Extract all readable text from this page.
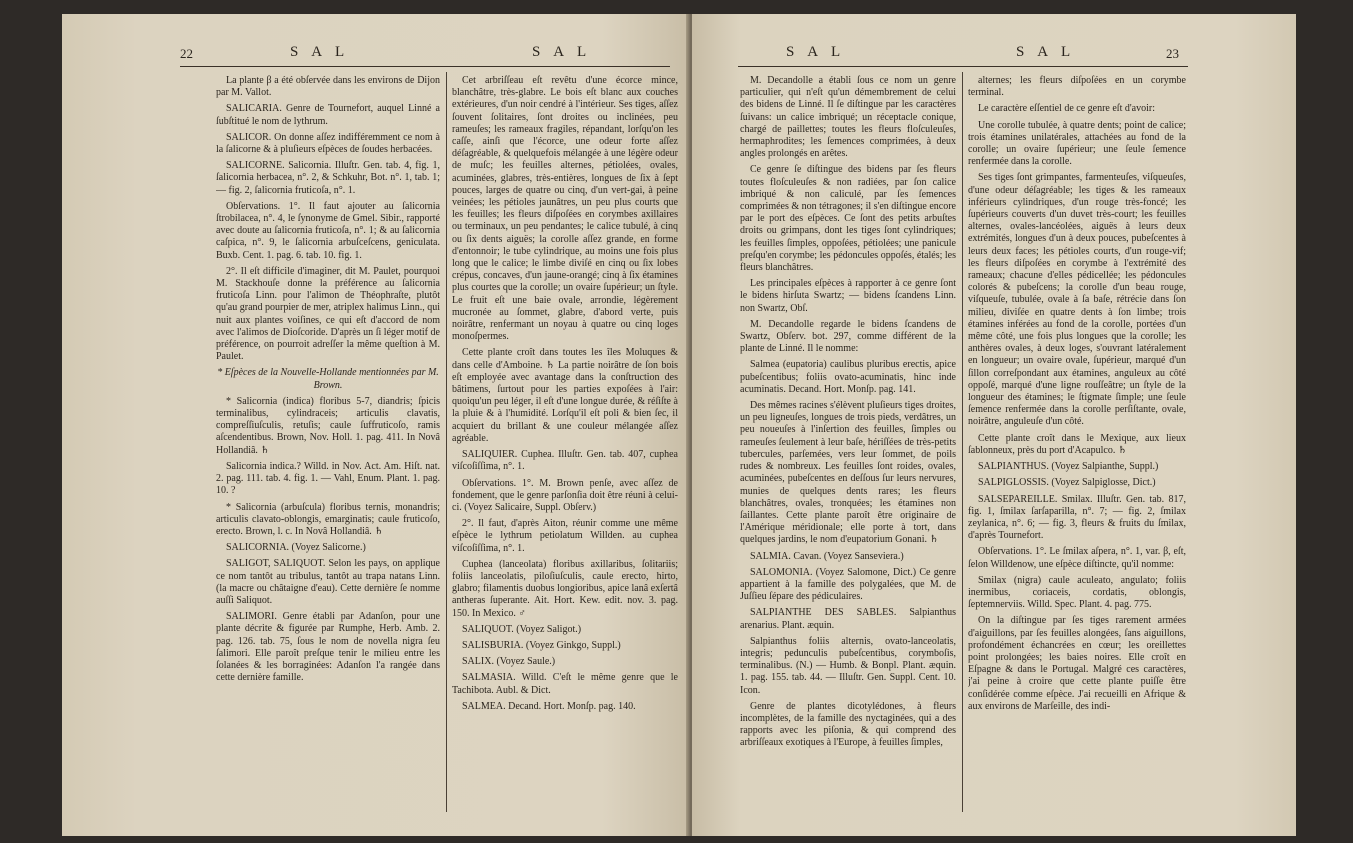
22	S A L	S A L

La plante β a été obſervée dans les environs de Dijon par M. Vallot.

SALICARIA. Genre de Tournefort, auquel Linné a ſubſtitué le nom de lythrum.

SALICOR. On donne aſſez indifféremment ce nom à la ſalicorne & à pluſieurs eſpèces de ſoudes herbacées.

SALICORNE. Salicornia. Illuſtr. Gen. tab. 4, fig. 1, ſalicornia herbacea, n°. 2, & Schkuhr, Bot. n°. 1, tab. 1; — fig. 2, ſalicornia fruticoſa, n°. 1.

Obſervations. 1°. Il faut ajouter au ſalicornia ſtrobilacea, n°. 4, le ſynonyme de Gmel. Sibir., rapporté avec doute au ſalicornia fruticoſa, n°. 1; & au ſalicornia caſpica, n°. 9, le ſalicornia arbuſceſcens, geniculata. Buxb. Cent. 1. pag. 6. tab. 10. fig. 1.

2°. Il eſt difficile d'imaginer, dit M. Paulet, pourquoi M. Stackhouſe donne la préférence au ſalicornia fruticoſa Linn. pour l'alimon de Théophraſte, plutôt qu'au grand pourpier de mer, atriplex halimus Linn., qui nuit aux plantes voiſines, ce qui eſt d'accord de nom avec l'alimos de Dioſcoride. D'après un ſi léger motif de préférence, on pourroit adreſſer la même queſtion à M. Paulet.

* Eſpèces de la Nouvelle-Hollande mentionnées par M. Brown.

* Salicornia (indica) floribus 5-7, diandris; ſpicis terminalibus, cylindraceis; articulis clavatis, compreſſiuſculis, retuſis; caule ſuffruticoſo, ramis aſcendentibus. Brown, Nov. Holl. 1. pag. 411. In Novâ Hollandiâ. ♄

Salicornia indica.? Willd. in Nov. Act. Am. Hiſt. nat. 2. pag. 111. tab. 4. fig. 1. — Vahl, Enum. Plant. 1. pag. 10. ?

* Salicornia (arbuſcula) floribus ternis, monandris; articulis clavato-oblongis, emarginatis; caule fruticoſo, erecto. Brown, l. c. In Novâ Hollandiâ. ♄

SALICORNIA. (Voyez Salicorne.)

SALIGOT, SALIQUOT. Selon les pays, on applique ce nom tantôt au tribulus, tantôt au trapa natans Linn. (la macre ou châtaigne d'eau). Cette dernière ſe nomme auſſi Saliquot.

SALIMORI. Genre établi par Adanſon, pour une plante décrite & figurée par Rumphe, Herb. Amb. 2. pag. 126. tab. 75, ſous le nom de novella nigra ſeu ſalimori. Elle paroît preſque tenir le milieu entre les ſolanées & les borraginées: Adanſon l'a rangée dans cette dernière famille.

Cet arbriſſeau eſt revêtu d'une écorce mince, blanchâtre, très-glabre. Le bois eſt blanc aux couches extérieures, d'un noir cendré à l'intérieur. Ses tiges, aſſez ſouvent ſolitaires, ſont droites ou inclinées, peu rameuſes; les rameaux fragiles, répandant, lorſqu'on les caſſe, ainſi que l'écorce, une odeur forte aſſez déſagréable, & quelquefois mélangée à une légère odeur de muſc; les feuilles alternes, pétiolées, ovales, acuminées, glabres, très-entières, longues de ſix à ſept pouces, larges de quatre ou cinq, d'un vert-gai, à peine veinées; les pétioles jaunâtres, un peu plus courts que les feuilles; les fleurs diſpoſées en corymbes axillaires ou terminaux, un peu pendantes; le calice tubulé, à cinq ou ſix dents aiguës; la corolle aſſez grande, en forme d'entonnoir; le tube cylindrique, au moins une fois plus long que le calice; le limbe diviſé en cinq ou ſix lobes crépus, concaves, d'un jaune-orangé; cinq à ſix étamines plus courtes que la corolle; un ovaire ſupérieur; un ſtyle. Le fruit eſt une baie ovale, arrondie, légèrement mucronée au ſommet, glabre, d'abord verte, puis noirâtre, renfermant un noyau à quatre ou cinq loges monoſpermes.

Cette plante croît dans toutes les îles Moluques & dans celle d'Amboine. ♄ La partie noirâtre de ſon bois eſt employée avec avantage dans la conſtruction des bâtimens, ſurtout pour les parties expoſées à l'air: quoiqu'un peu léger, il eſt d'une longue durée, & réſiſte à la pluie & à l'humidité. Lorſqu'il eſt poli & bien ſec, il acquiert du brillant & une couleur mélangée aſſez agréable.

SALIQUIER. Cuphea. Illuſtr. Gen. tab. 407, cuphea viſcoſiſſima, n°. 1.

Obſervations. 1°. M. Brown penſe, avec aſſez de fondement, que le genre parſonſia doit être réuni à celui-ci. (Voyez Salicaire, Suppl. Obſerv.)

2°. Il faut, d'après Aiton, réunir comme une même eſpèce le lythrum petiolatum Willden. au cuphea viſcoſiſſima, n°. 1.

Cuphea (lanceolata) floribus axillaribus, ſolitariis; foliis lanceolatis, piloſiuſculis, caule erecto, hirto, glabro; filamentis duobus longioribus, apice lanâ exſertâ antheras ſuperante. Ait. Hort. Kew. edit. nov. 3. pag. 150. In Mexico. ♂

SALIQUOT. (Voyez Saligot.)

SALISBURIA. (Voyez Ginkgo, Suppl.)

SALIX. (Voyez Saule.)

SALMASIA. Willd. C'eſt le même genre que le Tachibota. Aubl. & Dict.

SALMEA. Decand. Hort. Monſp. pag. 140.

S A L	S A L	23

M. Decandolle a établi ſous ce nom un genre particulier, qui n'eſt qu'un démembrement de celui des bidens de Linné. Il ſe diſtingue par les caractères ſuivans: un calice imbriqué; un réceptacle conique, chargé de paillettes; toutes les fleurs floſculeuſes, hermaphrodites; les ſemences comprimées, à deux angles prolongés en arêtes.

Ce genre ſe diſtingue des bidens par ſes fleurs toutes floſculeuſes & non radiées, par ſon calice imbriqué & non caliculé, par ſes ſemences comprimées & non tétragones; il s'en diſtingue encore par le port des eſpèces. Ce ſont des petits arbuſtes droits ou grimpans, dont les tiges ſont cylindriques; les feuilles ſimples, oppoſées, pétiolées; une panicule preſqu'en corymbe; les pédoncules oppoſés, étalés; les fleurs blanchâtres.

Les principales eſpèces à rapporter à ce genre ſont le bidens hirſuta Swartz; — bidens ſcandens Linn. non Swartz, Obſ.

M. Decandolle regarde le bidens ſcandens de Swartz, Obſerv. bot. 297, comme différent de la plante de Linné. Il le nomme:

Salmea (eupatoria) caulibus pluribus erectis, apice pubeſcentibus; foliis ovato-acuminatis, hinc inde acuminatis. Decand. Hort. Monſp. pag. 141.

Des mêmes racines s'élèvent pluſieurs tiges droites, un peu ligneuſes, longues de trois pieds, verdâtres, un peu noueuſes à l'inſertion des feuilles, ſimples ou rameuſes ſeulement à leur baſe, hériſſées de très-petits tubercules, parſemées, vers leur ſommet, de poils rudes & nombreux. Les feuilles ſont roides, ovales, acuminées, pubeſcentes en deſſous ſur leurs nervures, munies de quelques dents rares; les fleurs blanchâtres, ovales, tronquées; les étamines non ſaillantes. Cette plante paroît être originaire de l'Amérique méridionale; elle porte à tort, dans quelques jardins, le nom d'eupatorium Gonani. ♄

SALMIA. Cavan. (Voyez Sanseviera.)

SALOMONIA. (Voyez Salomone, Dict.) Ce genre appartient à la famille des polygalées, que M. de Juſſieu ſépare des pédiculaires.

SALPIANTHE DES SABLES. Salpianthus arenarius. Plant. æquin.

Salpianthus foliis alternis, ovato-lanceolatis, integris; pedunculis pubeſcentibus, corymboſis, terminalibus. (N.) — Humb. & Bonpl. Plant. æquin. 1. pag. 155. tab. 44. — Illuſtr. Gen. Suppl. Cent. 10. Icon.

Genre de plantes dicotylédones, à fleurs incomplètes, de la famille des nyctaginées, qui a des rapports avec les piſonia, & qui comprend des arbriſſeaux exotiques à l'Europe, à feuilles ſimples,

alternes; les fleurs diſpoſées en un corymbe terminal.

Le caractère eſſentiel de ce genre eſt d'avoir:

Une corolle tubulée, à quatre dents; point de calice; trois étamines unilatérales, attachées au fond de la corolle; un ovaire ſupérieur; une ſeule ſemence renfermée dans la corolle.

Ses tiges ſont grimpantes, farmenteuſes, viſqueuſes, d'une odeur déſagréable; les tiges & les rameaux inférieurs cylindriques, d'un rouge très-foncé; les ſupérieurs couverts d'un duvet très-court; les feuilles alternes, ovales-lancéolées, aiguës à leurs deux extrémités, longues d'un à deux pouces, pubeſcentes à leurs deux faces; les pétioles courts, d'un rouge-vif; les fleurs diſpoſées en corymbe à l'extrémité des rameaux; chacune d'elles pédicellée; les pédoncules colorés & pubeſcens; la corolle d'un beau rouge, viſqueuſe, tubulée, ovale à ſa baſe, rétrécie dans ſon milieu, diviſée en quatre dents à ſon limbe; trois étamines inférées au fond de la corolle, portées d'un même côté, une fois plus longues que la corolle; les anthères ovales, à deux loges, s'ouvrant latéralement en longueur; un ovaire ovale, ſupérieur, marqué d'un ſillon correſpondant aux étamines, anguleux au côté oppoſé, marqué d'une ligne rouſſeâtre; un ſtyle de la longueur des étamines; le ſtigmate ſimple; une ſeule ſemence renfermée dans la corolle perſiſtante, ovale, noirâtre, anguleuſe d'un côté.

Cette plante croît dans le Mexique, aux lieux ſablonneux, près du port d'Acapulco. ♄

SALPIANTHUS. (Voyez Salpianthe, Suppl.)

SALPIGLOSSIS. (Voyez Salpiglosse, Dict.)

SALSEPAREILLE. Smilax. Illuſtr. Gen. tab. 817, fig. 1, ſmilax ſarſaparilla, n°. 7; — fig. 2, ſmilax zeylanica, n°. 6; — fig. 3, fleurs & fruits du ſmilax, d'après Tournefort.

Obſervations. 1°. Le ſmilax aſpera, n°. 1, var. β, eſt, ſelon Willdenow, une eſpèce diſtincte, qu'il nomme:

Smilax (nigra) caule aculeato, angulato; foliis inermibus, coriaceis, cordatis, oblongis, ſeptemnerviis. Willd. Spec. Plant. 4. pag. 775.

On la diſtingue par ſes tiges rarement armées d'aiguillons, par ſes feuilles alongées, ſans aiguillons, profondément échancrées en cœur; les oreillettes point prolongées; les baies noires. Elle croît en Eſpagne & dans le Portugal. Malgré ces caractères, j'ai peine à croire que cette plante puiſſe être conſidérée comme eſpèce. J'ai recueilli en Afrique & aux environs de Marſeille, des indi-
